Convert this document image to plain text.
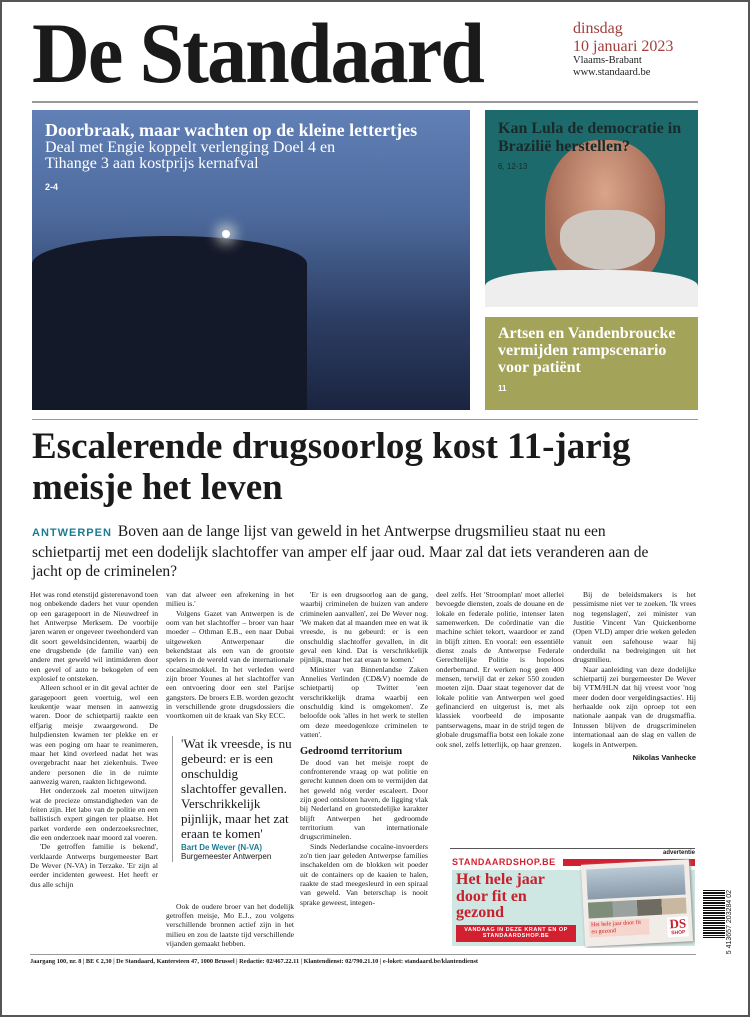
De Standaard	dinsdag
10 januari 2023
Vlaams-Brabant
www.standaard.be
Doorbraak, maar wachten op de kleine lettertjes
Deal met Engie koppelt verlenging Doel 4 en Tihange 3 aan kostprijs kernafval
2-4
Kan Lula de democratie in Brazilië herstellen?
6, 12-13
Artsen en Vandenbroucke vermijden rampscenario voor patiënt
11
Escalerende drugsoorlog kost 11-jarig meisje het leven
ANTWERPEN Boven aan de lange lijst van geweld in het Antwerpse drugsmilieu staat nu een schietpartij met een dodelijk slachtoffer van amper elf jaar oud. Maar zal dat iets veranderen aan de jacht op de criminelen?

Het was rond etenstijd gisterenavond toen nog onbekende daders het vuur openden op een garagepoort in de Nieuwdreef in het Antwerpse Merksem. De voorbije jaren waren er ongeveer tweehonderd van dit soort geweldsincidenten, waarbij de ene drugsbende (de familie van) een andere met geweld wil intimideren door een gevel of auto te bekogelen of een explosief te ontsteken.

Alleen school er in dit geval achter de garagepoort geen voertuig, wel een keukentje waar mensen in aanwezig waren. Door de schietpartij raakte een elfjarig meisje zwaargewond. De hulpdiensten kwamen ter plekke en er was een poging om haar te reanimeren, maar het kind overleed nadat het was overgebracht naar het ziekenhuis. Twee andere personen die in de ruimte aanwezig waren, raakten lichtgewond.

Het onderzoek zal moeten uitwijzen wat de precieze omstandigheden van de feiten zijn. Het labo van de politie en een ballistisch expert gingen ter plaatse. Het parket vorderde een onderzoeksrechter, die een onderzoek naar moord zal voeren.

'De getroffen familie is bekend', verklaarde Antwerps burgemeester Bart De Wever (N-VA) in Terzake. 'Er zijn al eerder incidenten geweest. Het heeft er dus alle schijn

van dat alweer een afrekening in het milieu is.'

Volgens Gazet van Antwerpen is de oom van het slachtoffer – broer van haar moeder – Othman E.B., een naar Dubai uitgeweken Antwerpenaar die bekendstaat als een van de grootste spelers in de wereld van de internationale cocaïnesmokkel. In het verleden werd zijn broer Younes al het slachtoffer van een ontvoering door een stel Parijse gangsters. De broers E.B. worden gezocht in verschillende grote drugsdossiers die voortkomen uit de kraak van Sky ECC.

'Wat ik vreesde, is nu gebeurd: er is een onschuldig slachtoffer gevallen. Verschrikkelijk pijnlijk, maar het zat eraan te komen'

Bart De Wever (N-VA)
Burgemeester Antwerpen

Ook de oudere broer van het dodelijk getroffen meisje, Mo E.J., zou volgens verschillende bronnen actief zijn in het milieu en zou de laatste tijd verschillende vijanden gemaakt hebben.

'Er is een drugsoorlog aan de gang, waarbij criminelen de huizen van andere criminelen aanvallen', zei De Wever nog. 'We maken dat al maanden mee en wat ik vreesde, is nu gebeurd: er is een onschuldig slachtoffer gevallen, in dit geval een kind. Dat is verschrikkelijk pijnlijk, maar het zat eraan te komen.'

Minister van Binnenlandse Zaken Annelies Verlinden (CD&V) noemde de schietpartij op Twitter 'een verschrikkelijk drama waarbij een onschuldig kind is omgekomen'. Ze beloofde ook 'alles in het werk te stellen om deze meedogenloze criminelen te vatten'.

Gedroomd territorium

De dood van het meisje roept de confronterende vraag op wat politie en gerecht kunnen doen om te vermijden dat het geweld nóg verder escaleert. Door zijn goed ontsloten haven, de ligging vlak bij Nederland en grootstedelijke karakter blijft Antwerpen het gedroomde territorium van internationale drugscriminelen.

Sinds Nederlandse cocaïne-invoerders zo'n tien jaar geleden Antwerpse families inschakelden om de blokken wit poeder uit de containers op de kaaien te halen, raakte de stad meegesleurd in een spiraal van geweld. Van beterschap is nooit sprake geweest, integen-

deel zelfs. Het 'Stroomplan' moet allerlei bevoegde diensten, zoals de douane en de lokale en federale politie, intenser laten samenwerken. De coördinatie van die machine schiet tekort, waardoor er zand in blijft zitten. En vooral: een essentiële dienst zoals de Antwerpse Federale Gerechtelijke Politie is hopeloos onderbemand. Er werken nog geen 400 mensen, terwijl dat er zeker 550 zouden moeten zijn. Daar staat tegenover dat de lokale politie van Antwerpen wel goed gefinancierd en uitgerust is, met als klassiek voorbeeld de imposante pantserwagens, maar in de strijd tegen de globale drugsmaffia botst een lokale zone ook snel, zelfs letterlijk, op haar grenzen.

Bij de beleidsmakers is het pessimisme niet ver te zoeken. 'Ik vrees nog tegenslagen', zei minister van Justitie Vincent Van Quickenborne (Open VLD) amper drie weken geleden vanuit een safehouse waar hij onderduikt na bedreigingen uit het drugsmilieu.

Naar aanleiding van deze dodelijke schietpartij zei burgemeester De Wever bij VTM/HLN dat hij vreest voor 'nog meer doden door vergeldingsacties'. Hij herhaalde ook zijn oproep tot een nationale aanpak van de drugsmaffia. Intussen blijven de drugscriminelen internationaal aan de slag en vallen de kogels in Antwerpen.

Nikolas Vanhecke
advertentie
STANDAARDSHOP.BE
Het hele jaar door fit en gezond
VANDAAG IN DEZE KRANT EN OP STANDAARDSHOP.BE
Het hele jaar door fit en gezond
DS
SHOP
Jaargang 100, nr. 8 | BE € 2,30 | De Standaard, Kantersteen 47, 1000 Brussel | Redactie: 02/467.22.11 | Klantendienst: 02/790.21.10 | e-loket: standaard.be/klantendienst
5 413657 203284 02
